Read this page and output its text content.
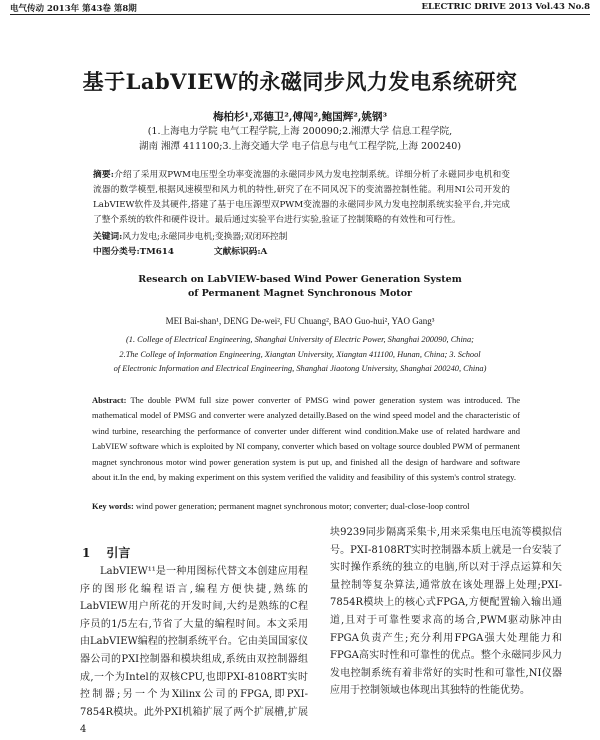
电气传动 2013年 第43卷 第8期	ELECTRIC DRIVE 2013 Vol.43 No.8
基于LabVIEW的永磁同步风力发电系统研究
梅柏杉¹,邓德卫²,傅闯²,鲍国辉²,姚钢³
(1.上海电力学院 电气工程学院,上海 200090;2.湘潭大学 信息工程学院,
湖南 湘潭 411100;3.上海交通大学 电子信息与电气工程学院,上海 200240)
摘要:介绍了采用双PWM电压型全功率变流器的永磁同步风力发电控制系统。详细分析了永磁同步电机和变流器的数学模型,根据风速模型和风力机的特性,研究了在不同风况下的变流器控制性能。利用NI公司开发的LabVIEW软件及其硬件,搭建了基于电压源型双PWM变流器的永磁同步风力发电控制系统实验平台,并完成了整个系统的软件和硬件设计。最后通过实验平台进行实验,验证了控制策略的有效性和可行性。
关键词:风力发电;永磁同步电机;变换器;双闭环控制
中图分类号:TM614	文献标识码:A
Research on LabVIEW-based Wind Power Generation System
of Permanent Magnet Synchronous Motor
MEI Bai-shan¹, DENG De-wei², FU Chuang², BAO Guo-hui², YAO Gang³
(1. College of Electrical Engineering, Shanghai University of Electric Power, Shanghai 200090, China;
2.The College of Information Engineering, Xiangtan University, Xiangtan 411100, Hunan, China; 3. School
of Electronic Information and Electrical Engineering, Shanghai Jiaotong University, Shanghai 200240, China)
Abstract: The double PWM full size power converter of PMSG wind power generation system was introduced. The mathematical model of PMSG and converter were analyzed detailly.Based on the wind speed model and the characteristic of wind turbine, researching the performance of converter under different wind condition.Make use of related hardware and LabVIEW software which is exploited by NI company, converter which based on voltage source doubled PWM of permanent magnet synchronous motor wind power generation system is put up, and finished all the design of hardware and software about it.In the end, by making experiment on this system verified the validity and feasibility of this system's control strategy.
Key words: wind power generation; permanent magnet synchronous motor; converter; dual-close-loop control
1 引言
LabVIEW¹¹是一种用图标代替文本创建应用程序的图形化编程语言,编程方便快捷,熟练的LabVIEW用户所花的开发时间,大约是熟练的C程序员的1/5左右,节省了大量的编程时间。本文采用由LabVIEW编程的控制系统平台。它由美国国家仪器公司的PXI控制器和模块组成,系统由双控制器组成,一个为Intel的双核CPU,也即PXI-8108RT实时控制器;另一个为Xilinx公司的FPGA,即PXI-7854R模块。此外PXI机箱扩展了两个扩展槽,扩展4
块9239同步隔离采集卡,用来采集电压电流等模拟信号。PXI-8108RT实时控制器本质上就是一台安装了实时操作系统的独立的电脑,所以对于浮点运算和矢量控制等复杂算法,通常放在该处理器上处理;PXI-7854R模块上的核心式FPGA,方便配置输入输出通道,且对于可靠性要求高的场合,PWM驱动脉冲由FPGA负责产生;充分利用FPGA强大处理能力和FPGA高实时性和可靠性的优点。整个永磁同步风力发电控制系统有着非常好的实时性和可靠性,NI仪器应用于控制领域也体现出其独特的性能优势。
